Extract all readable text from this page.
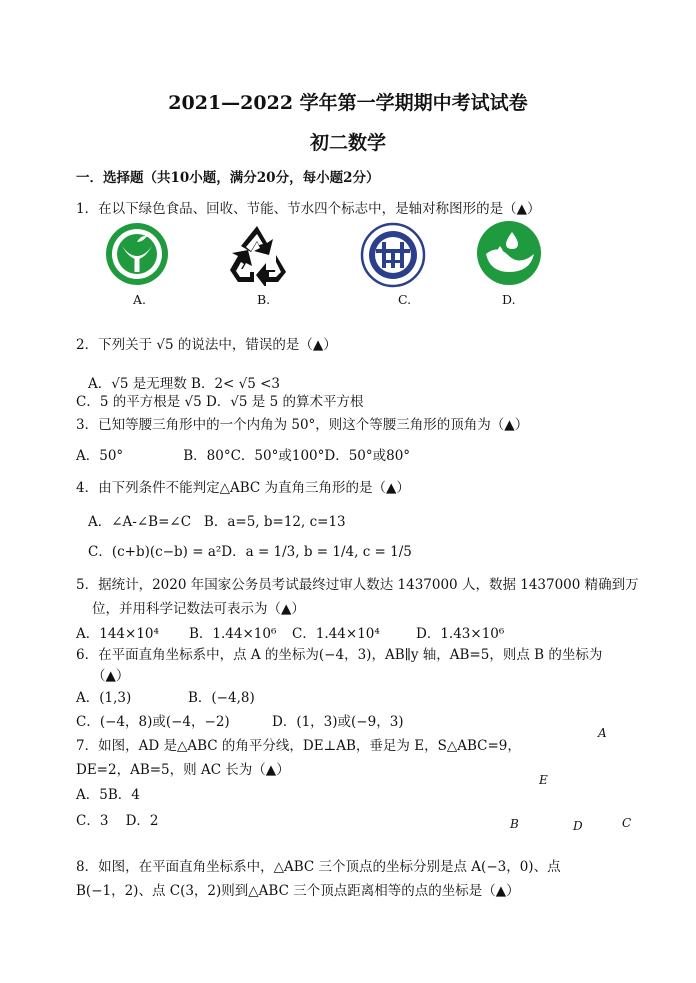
2021—2022 学年第一学期期中考试试卷
初二数学
一．选择题（共10小题，满分20分，每小题2分）
1．在以下绿色食品、回收、节能、节水四个标志中，是轴对称图形的是（▲）
A.	B.	C.	D.
2．下列关于 √5 的说法中，错误的是（▲）
A．√5 是无理数 B．2< √5 <3
C．5 的平方根是 √5 D．√5 是 5 的算术平方根
3．已知等腰三角形中的一个内角为 50°，则这个等腰三角形的顶角为（▲）
A．50°              B．80°C．50°或100°D．50°或80°
4．由下列条件不能判定△ABC 为直角三角形的是（▲）
A．∠A-∠B=∠C   B．a=5, b=12, c=13
C．(c+b)(c−b) = a²D．a = 1/3, b = 1/4, c = 1/5
5．据统计，2020 年国家公务员考试最终过审人数达 1437000 人，数据 1437000 精确到万
位，并用科学记数法可表示为（▲）
A．144×10⁴ B．1.44×10⁶ C．1.44×10⁴	D．1.43×10⁶
6．在平面直角坐标系中，点 A 的坐标为(−4，3)，AB∥y 轴，AB=5，则点 B 的坐标为
（▲）
A．(1,3)	B．(−4,8)
C．(−4，8)或(−4，−2)	D．(1，3)或(−9，3)
7．如图，AD 是△ABC 的角平分线，DE⊥AB，垂足为 E，S△ABC=9，
DE=2，AB=5，则 AC 长为（▲）
A．5B．4
C．3    D．2
A
E
B	D	C
8．如图，在平面直角坐标系中，△ABC 三个顶点的坐标分别是点 A(−3，0)、点
B(−1，2)、点 C(3，2)则到△ABC 三个顶点距离相等的点的坐标是（▲）
